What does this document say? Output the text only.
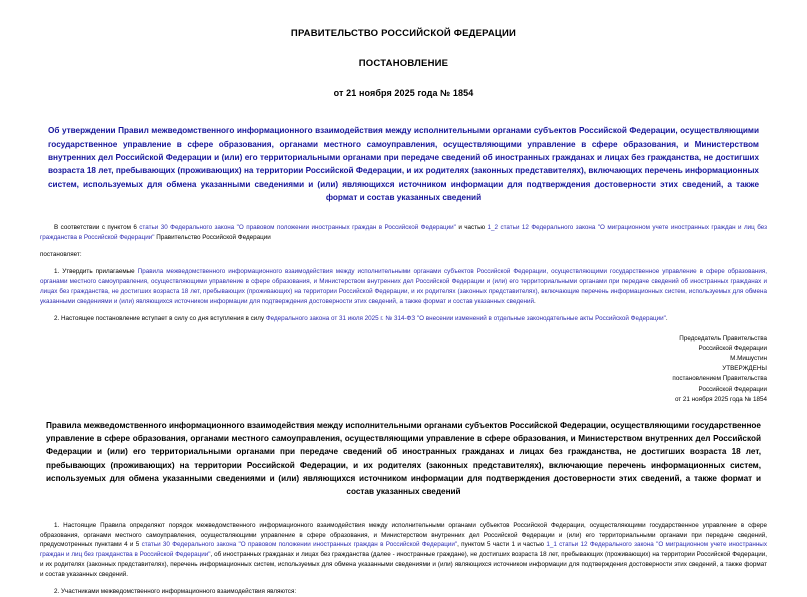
ПРАВИТЕЛЬСТВО РОССИЙСКОЙ ФЕДЕРАЦИИ
ПОСТАНОВЛЕНИЕ
от 21 ноября 2025 года № 1854
Об утверждении Правил межведомственного информационного взаимодействия между исполнительными органами субъектов Российской Федерации, осуществляющими государственное управление в сфере образования, органами местного самоуправления, осуществляющими управление в сфере образования, и Министерством внутренних дел Российской Федерации и (или) его территориальными органами при передаче сведений об иностранных гражданах и лицах без гражданства, не достигших возраста 18 лет, пребывающих (проживающих) на территории Российской Федерации, и их родителях (законных представителях), включающих перечень информационных систем, используемых для обмена указанными сведениями и (или) являющихся источником информации для подтверждения достоверности этих сведений, а также формат и состав указанных сведений

В соответствии с пунктом 6 статьи 30 Федерального закона "О правовом положении иностранных граждан в Российской Федерации" и частью 1_2 статьи 12 Федерального закона "О миграционном учете иностранных граждан и лиц без гражданства в Российской Федерации" Правительство Российской Федерации

постановляет:

1. Утвердить прилагаемые Правила межведомственного информационного взаимодействия между исполнительными органами субъектов Российской Федерации, осуществляющими государственное управление в сфере образования, органами местного самоуправления, осуществляющими управление в сфере образования, и Министерством внутренних дел Российской Федерации и (или) его территориальными органами при передаче сведений об иностранных гражданах и лицах без гражданства, не достигших возраста 18 лет, пребывающих (проживающих) на территории Российской Федерации, и их родителях (законных представителях), включающие перечень информационных систем, используемых для обмена указанными сведениями и (или) являющихся источником информации для подтверждения достоверности этих сведений, а также формат и состав указанных сведений.

2. Настоящее постановление вступает в силу со дня вступления в силу Федерального закона от 31 июля 2025 г. № 314-ФЗ "О внесении изменений в отдельные законодательные акты Российской Федерации".

Председатель Правительства
Российской Федерации
М.Мишустин
УТВЕРЖДЕНЫ
постановлением Правительства
Российской Федерации
от 21 ноября 2025 года № 1854
Правила межведомственного информационного взаимодействия между исполнительными органами субъектов Российской Федерации, осуществляющими государственное управление в сфере образования, органами местного самоуправления, осуществляющими управление в сфере образования, и Министерством внутренних дел Российской Федерации и (или) его территориальными органами при передаче сведений об иностранных гражданах и лицах без гражданства, не достигших возраста 18 лет, пребывающих (проживающих) на территории Российской Федерации, и их родителях (законных представителях), включающие перечень информационных систем, используемых для обмена указанными сведениями и (или) являющихся источником информации для подтверждения достоверности этих сведений, а также формат и состав указанных сведений

1. Настоящие Правила определяют порядок межведомственного информационного взаимодействия между исполнительными органами субъектов Российской Федерации, осуществляющими государственное управление в сфере образования, органами местного самоуправления, осуществляющими управление в сфере образования, и Министерством внутренних дел Российской Федерации и (или) его территориальными органами при передаче сведений, предусмотренных пунктами 4 и 5 статьи 30 Федерального закона "О правовом положении иностранных граждан в Российской Федерации", пунктом 5 части 1 и частью 1_1 статьи 12 Федерального закона "О миграционном учете иностранных граждан и лиц без гражданства в Российской Федерации", об иностранных гражданах и лицах без гражданства (далее - иностранные граждане), не достигших возраста 18 лет, пребывающих (проживающих) на территории Российской Федерации, и их родителях (законных представителях), перечень информационных систем, используемых для обмена указанными сведениями и (или) являющихся источником информации для подтверждения достоверности этих сведений, а также формат и состав указанных сведений.

2. Участниками межведомственного информационного взаимодействия являются:
